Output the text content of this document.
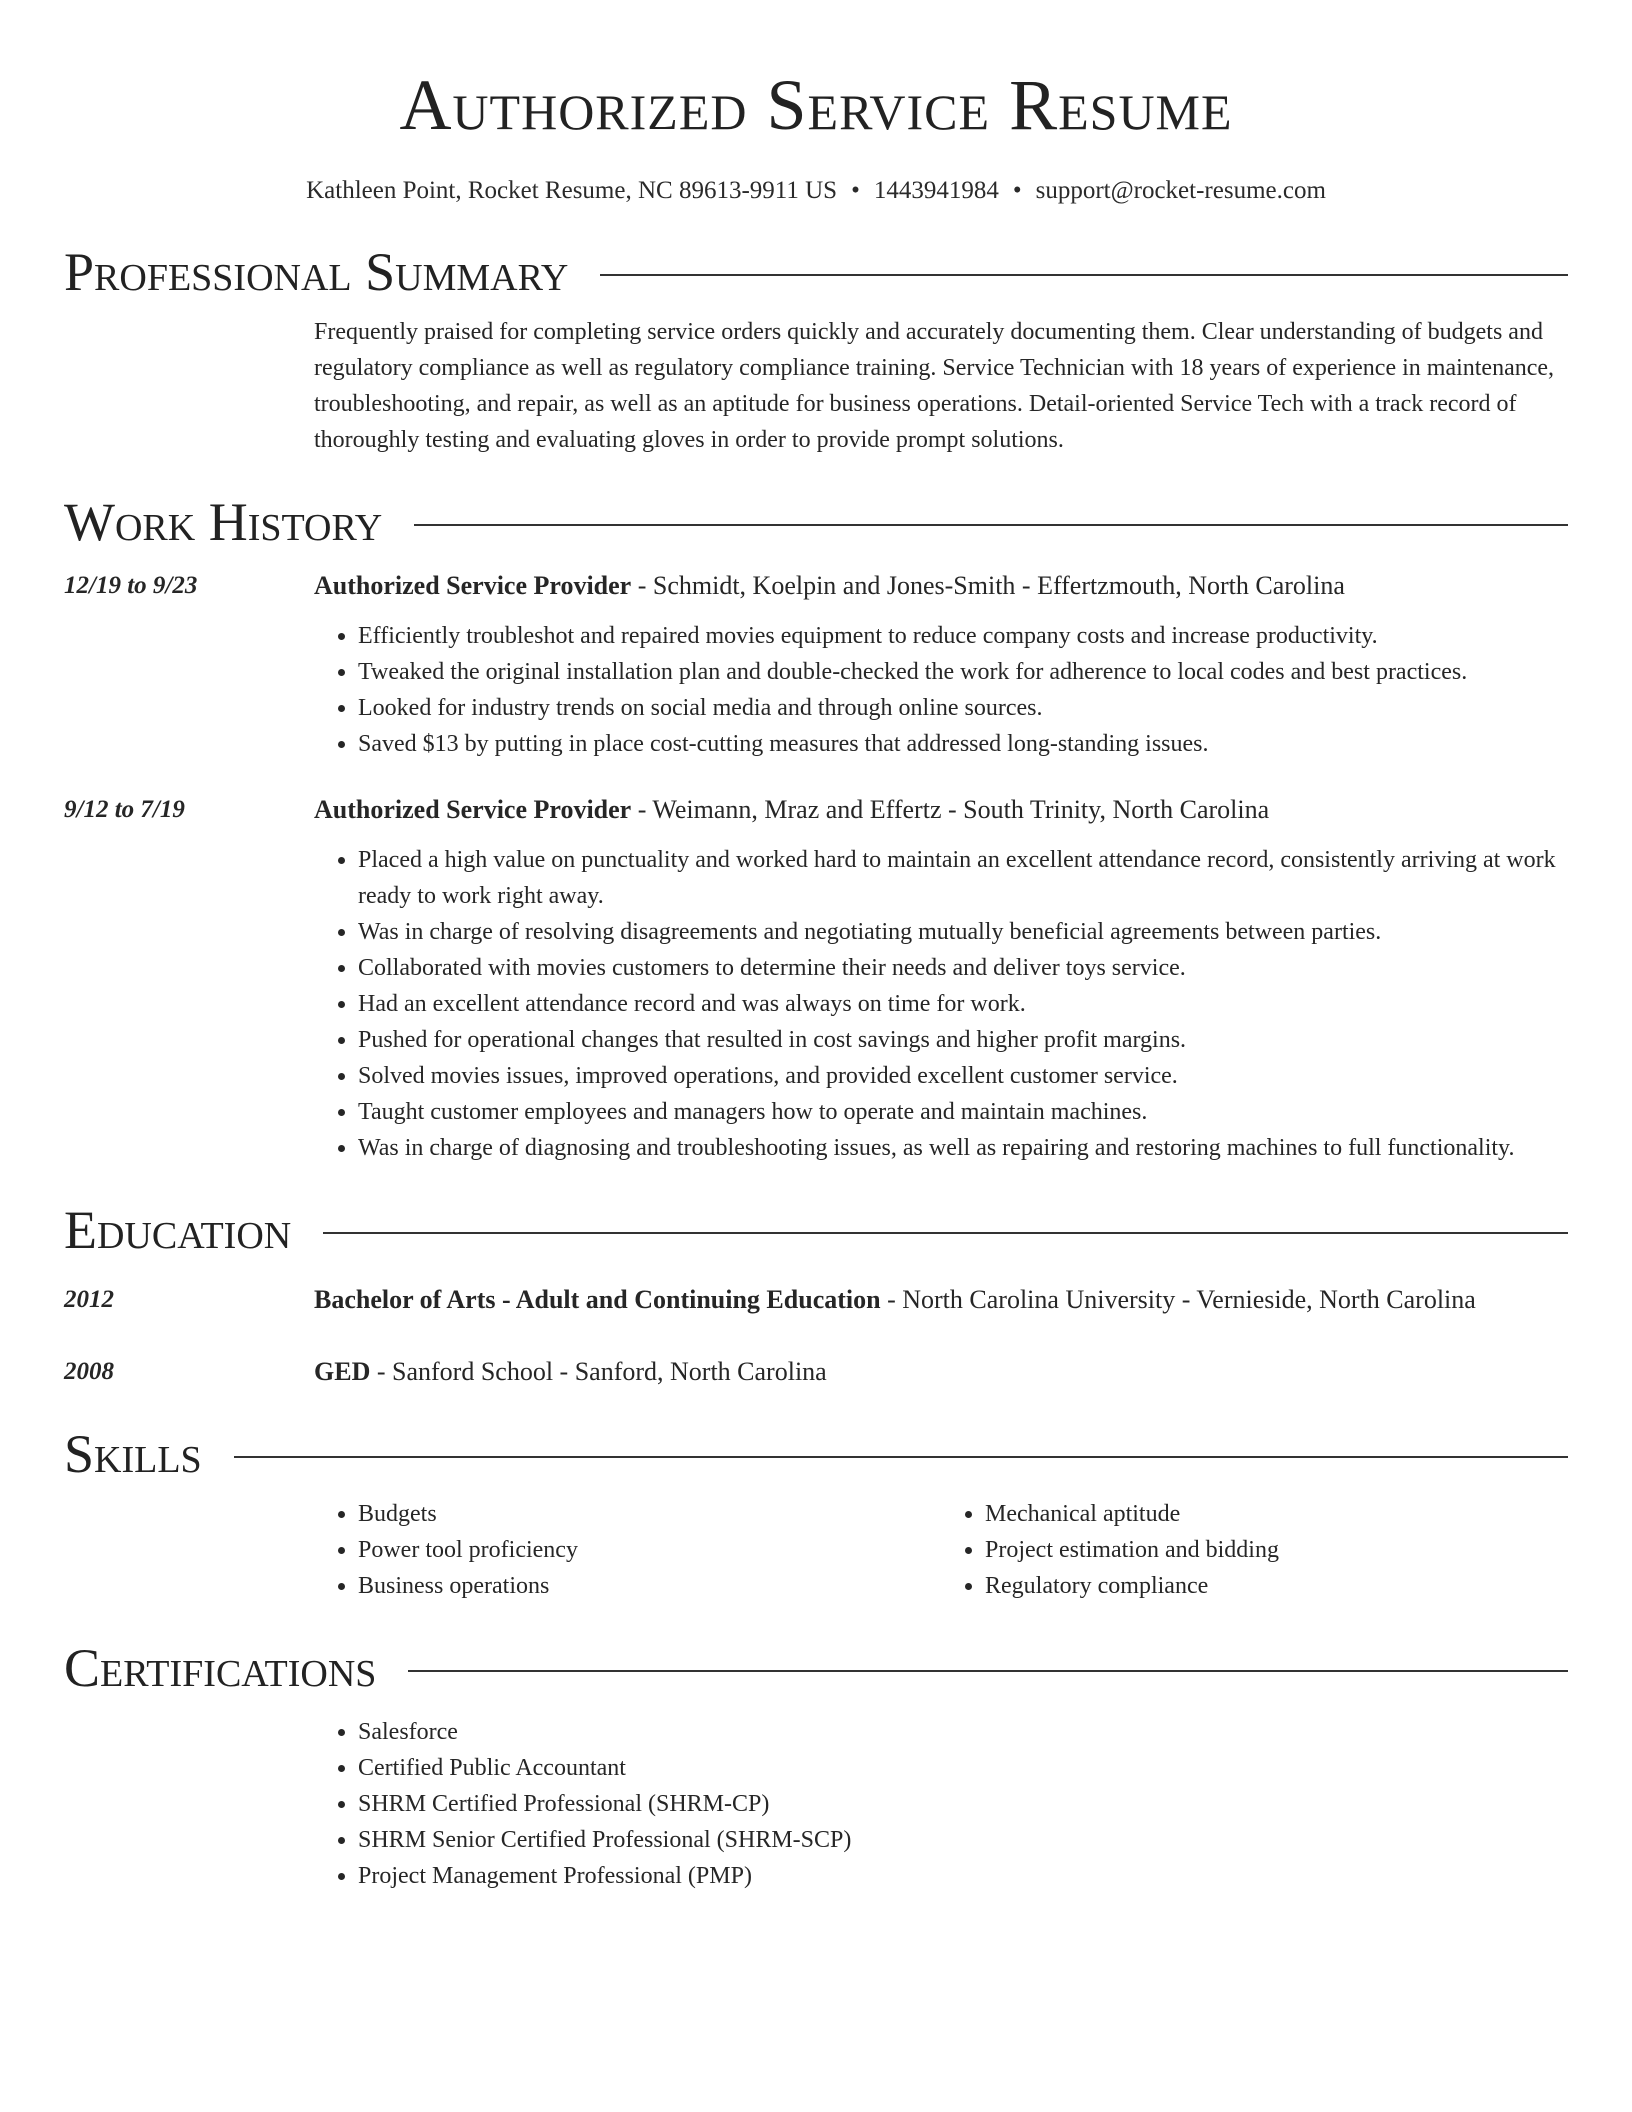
Authorized Service Resume
Kathleen Point, Rocket Resume, NC 89613-9911 US • 1443941984 • support@rocket-resume.com
Professional Summary
Frequently praised for completing service orders quickly and accurately documenting them. Clear understanding of budgets and regulatory compliance as well as regulatory compliance training. Service Technician with 18 years of experience in maintenance, troubleshooting, and repair, as well as an aptitude for business operations. Detail-oriented Service Tech with a track record of thoroughly testing and evaluating gloves in order to provide prompt solutions.
Work History
12/19 to 9/23	Authorized Service Provider - Schmidt, Koelpin and Jones-Smith - Effertzmouth, North Carolina
• Efficiently troubleshot and repaired movies equipment to reduce company costs and increase productivity.
• Tweaked the original installation plan and double-checked the work for adherence to local codes and best practices.
• Looked for industry trends on social media and through online sources.
• Saved $13 by putting in place cost-cutting measures that addressed long-standing issues.
9/12 to 7/19	Authorized Service Provider - Weimann, Mraz and Effertz - South Trinity, North Carolina
• Placed a high value on punctuality and worked hard to maintain an excellent attendance record, consistently arriving at work ready to work right away.
• Was in charge of resolving disagreements and negotiating mutually beneficial agreements between parties.
• Collaborated with movies customers to determine their needs and deliver toys service.
• Had an excellent attendance record and was always on time for work.
• Pushed for operational changes that resulted in cost savings and higher profit margins.
• Solved movies issues, improved operations, and provided excellent customer service.
• Taught customer employees and managers how to operate and maintain machines.
• Was in charge of diagnosing and troubleshooting issues, as well as repairing and restoring machines to full functionality.
Education
2012	Bachelor of Arts - Adult and Continuing Education - North Carolina University - Vernieside, North Carolina
2008	GED - Sanford School - Sanford, North Carolina
Skills
• Budgets
• Power tool proficiency
• Business operations
• Mechanical aptitude
• Project estimation and bidding
• Regulatory compliance
Certifications
• Salesforce
• Certified Public Accountant
• SHRM Certified Professional (SHRM-CP)
• SHRM Senior Certified Professional (SHRM-SCP)
• Project Management Professional (PMP)
